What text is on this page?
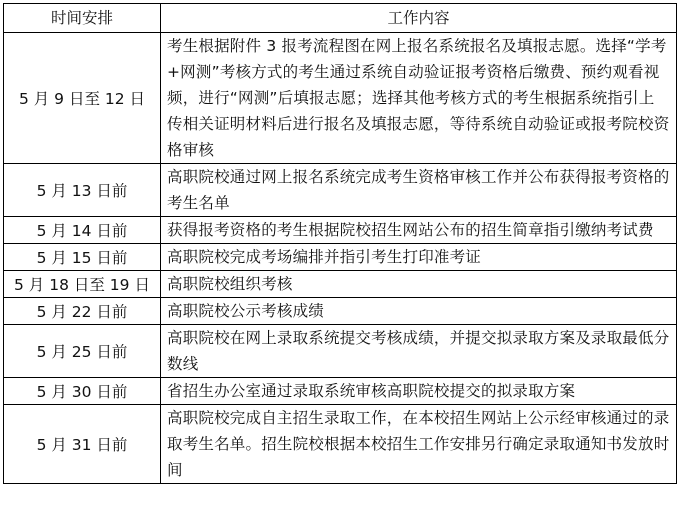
时间安排	工作内容
5 月 9 日至 12 日	考生根据附件 3 报考流程图在网上报名系统报名及填报志愿。选择“学考+网测”考核方式的考生通过系统自动验证报考资格后缴费、预约观看视频，进行“网测”后填报志愿；选择其他考核方式的考生根据系统指引上传相关证明材料后进行报名及填报志愿，等待系统自动验证或报考院校资格审核
5 月 13 日前	高职院校通过网上报名系统完成考生资格审核工作并公布获得报考资格的考生名单
5 月 14 日前	获得报考资格的考生根据院校招生网站公布的招生简章指引缴纳考试费
5 月 15 日前	高职院校完成考场编排并指引考生打印准考证
5 月 18 日至 19 日	高职院校组织考核
5 月 22 日前	高职院校公示考核成绩
5 月 25 日前	高职院校在网上录取系统提交考核成绩，并提交拟录取方案及录取最低分数线
5 月 30 日前	省招生办公室通过录取系统审核高职院校提交的拟录取方案
5 月 31 日前	高职院校完成自主招生录取工作，在本校招生网站上公示经审核通过的录取考生名单。招生院校根据本校招生工作安排另行确定录取通知书发放时间
